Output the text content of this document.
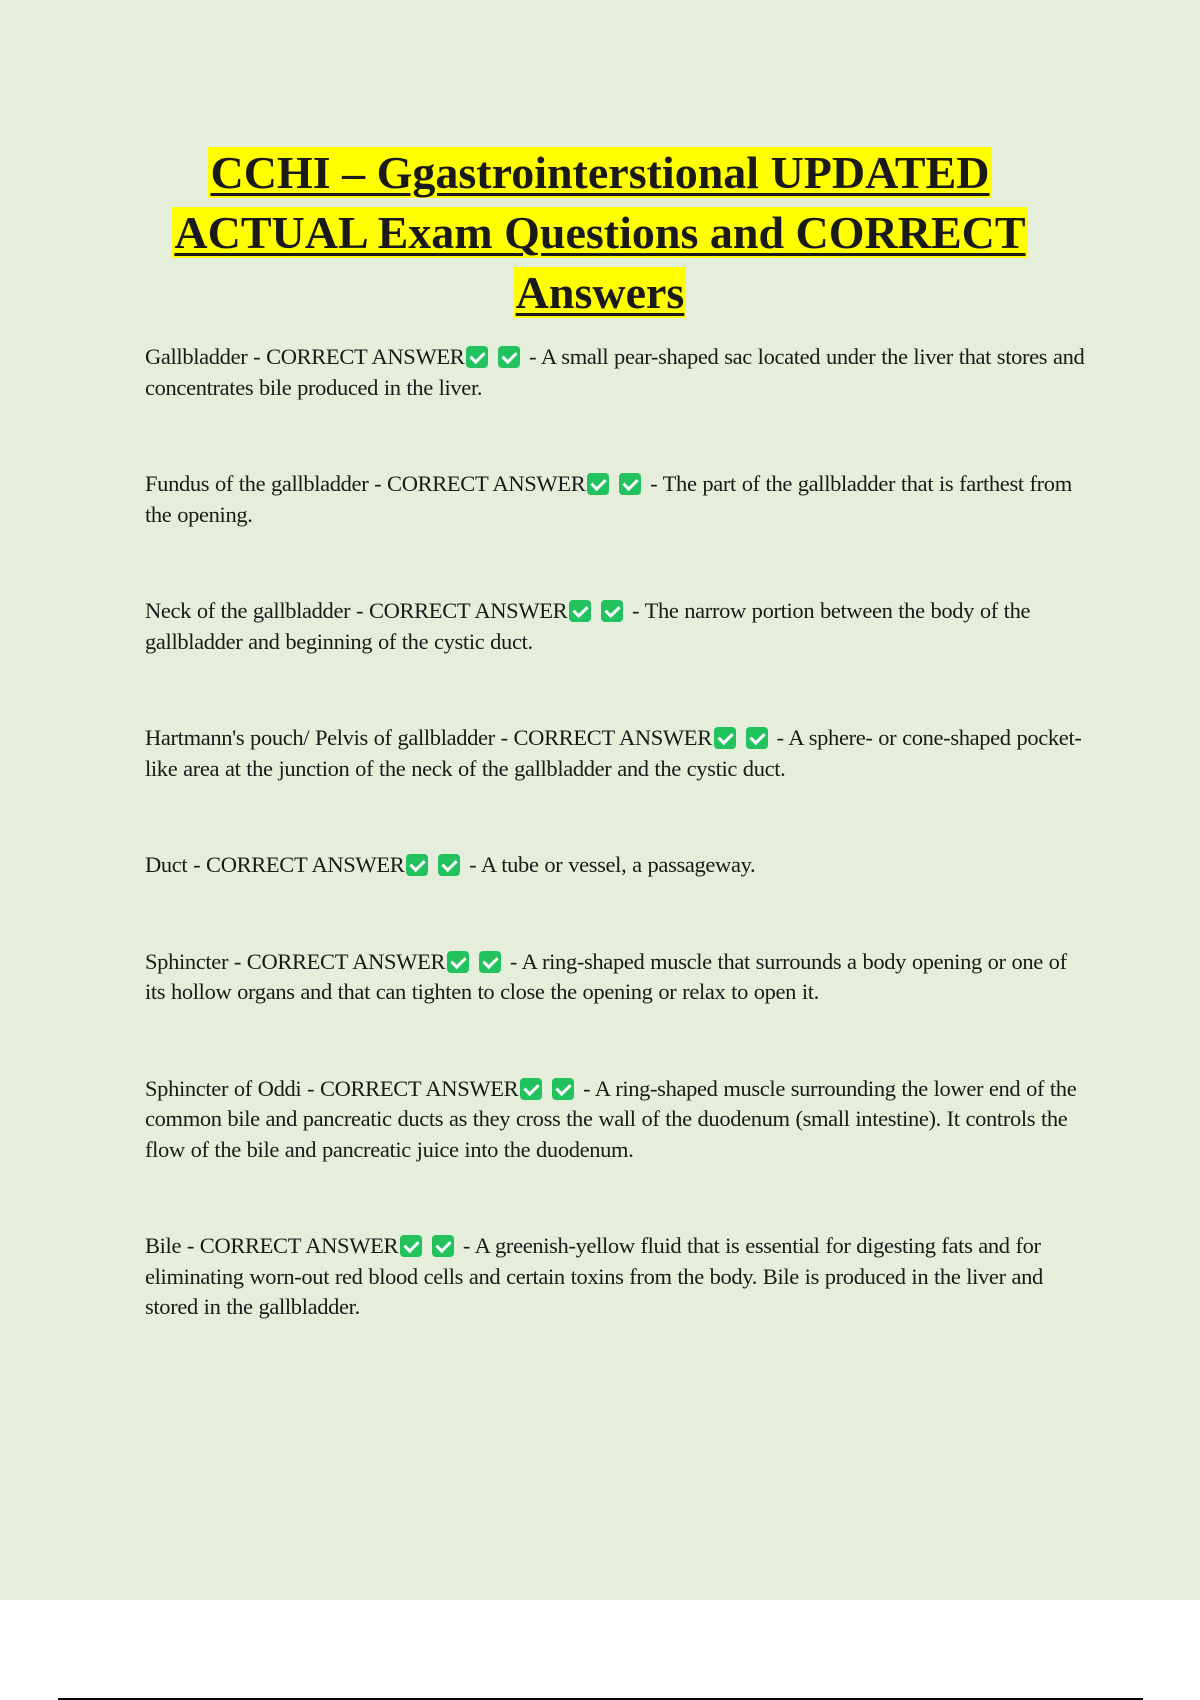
CCHI – Ggastrointerstional UPDATED ACTUAL Exam Questions and CORRECT Answers

Gallbladder - CORRECT ANSWER	- A small pear-shaped sac located under the liver that stores and concentrates bile produced in the liver.

Fundus of the gallbladder - CORRECT ANSWER	- The part of the gallbladder that is farthest from the opening.

Neck of the gallbladder - CORRECT ANSWER	- The narrow portion between the body of the gallbladder and beginning of the cystic duct.

Hartmann's pouch/ Pelvis of gallbladder - CORRECT ANSWER	- A sphere- or cone-shaped pocket-like area at the junction of the neck of the gallbladder and the cystic duct.

Duct - CORRECT ANSWER	- A tube or vessel, a passageway.

Sphincter - CORRECT ANSWER	- A ring-shaped muscle that surrounds a body opening or one of its hollow organs and that can tighten to close the opening or relax to open it.

Sphincter of Oddi - CORRECT ANSWER	- A ring-shaped muscle surrounding the lower end of the common bile and pancreatic ducts as they cross the wall of the duodenum (small intestine). It controls the flow of the bile and pancreatic juice into the duodenum.

Bile - CORRECT ANSWER	- A greenish-yellow fluid that is essential for digesting fats and for eliminating worn-out red blood cells and certain toxins from the body. Bile is produced in the liver and stored in the gallbladder.
